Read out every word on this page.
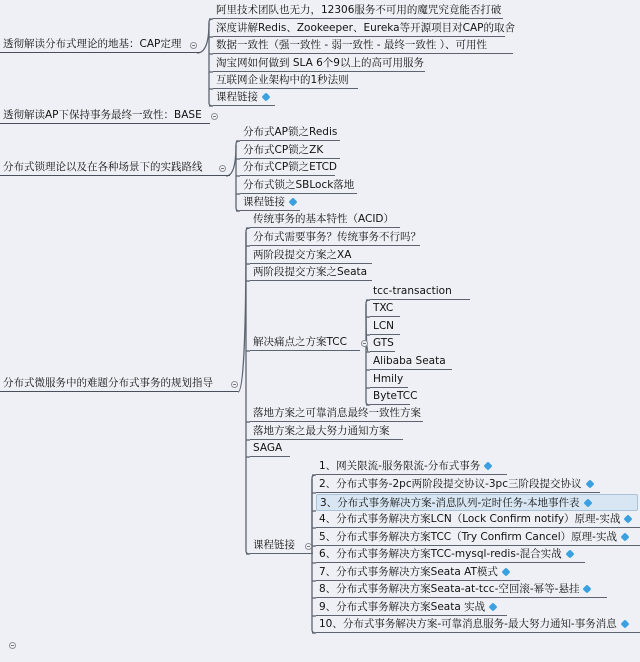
透彻解读分布式理论的地基：CAP定理
阿里技术团队也无力，12306服务不可用的魔咒究竟能否打破
深度讲解Redis、Zookeeper、Eureka等开源项目对CAP的取舍
数据一致性（强一致性 - 弱一致性 - 最终一致性 ）、可用性
淘宝网如何做到 SLA 6个9以上的高可用服务
互联网企业架构中的1秒法则
课程链接
透彻解读AP下保持事务最终一致性：BASE
分布式锁理论以及在各种场景下的实践路线
分布式AP锁之Redis
分布式CP锁之ZK
分布式CP锁之ETCD
分布式锁之SBLock落地
课程链接
分布式微服务中的难题分布式事务的规划指导
传统事务的基本特性（ACID）
分布式需要事务？传统事务不行吗？
两阶段提交方案之XA
两阶段提交方案之Seata
解决痛点之方案TCC
tcc-transaction
TXC
LCN
GTS
Alibaba Seata
Hmily
ByteTCC
落地方案之可靠消息最终一致性方案
落地方案之最大努力通知方案
SAGA
课程链接
1、网关限流-服务限流-分布式事务
2、分布式事务-2pc两阶段提交协议-3pc三阶段提交协议
3、分布式事务解决方案-消息队列-定时任务-本地事件表
4、分布式事务解决方案LCN（Lock Confirm notify）原理-实战
5、分布式事务解决方案TCC（Try Confirm Cancel）原理-实战
6、分布式事务解决方案TCC-mysql-redis-混合实战
7、分布式事务解决方案Seata AT模式
8、分布式事务解决方案Seata-at-tcc-空回滚-幂等-悬挂
9、分布式事务解决方案Seata 实战
10、分布式事务解决方案-可靠消息服务-最大努力通知-事务消息
